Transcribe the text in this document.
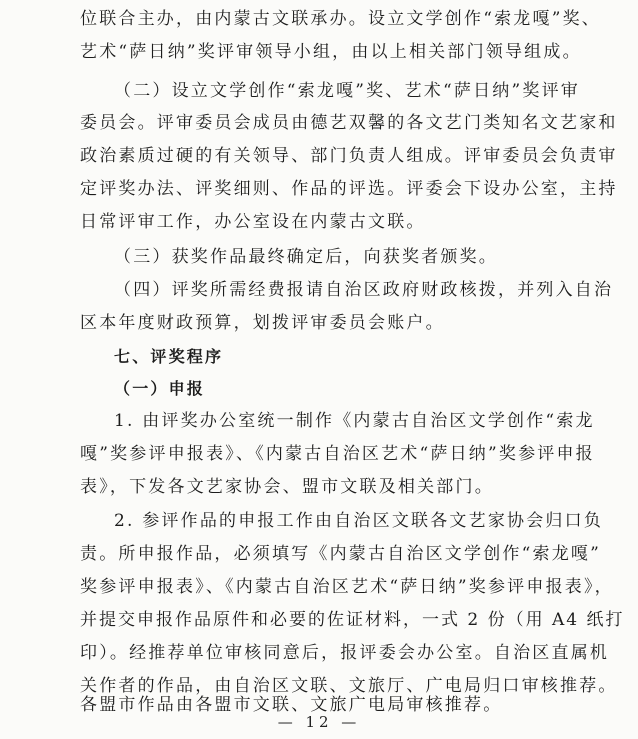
位联合主办，由内蒙古文联承办。设立文学创作“索龙嘎”奖、
艺术“萨日纳”奖评审领导小组，由以上相关部门领导组成。
（二）设立文学创作“索龙嘎”奖、艺术“萨日纳”奖评审
委员会。评审委员会成员由德艺双馨的各文艺门类知名文艺家和
政治素质过硬的有关领导、部门负责人组成。评审委员会负责审
定评奖办法、评奖细则、作品的评选。评委会下设办公室，主持
日常评审工作，办公室设在内蒙古文联。
（三）获奖作品最终确定后，向获奖者颁奖。
（四）评奖所需经费报请自治区政府财政核拨，并列入自治
区本年度财政预算，划拨评审委员会账户。
七、评奖程序
（一）申报
1. 由评奖办公室统一制作《内蒙古自治区文学创作“索龙
嘎”奖参评申报表》、《内蒙古自治区艺术“萨日纳”奖参评申报
表》，下发各文艺家协会、盟市文联及相关部门。
2. 参评作品的申报工作由自治区文联各文艺家协会归口负
责。所申报作品，必须填写《内蒙古自治区文学创作“索龙嘎”
奖参评申报表》、《内蒙古自治区艺术“萨日纳”奖参评申报表》，
并提交申报作品原件和必要的佐证材料，一式 2 份（用 A4 纸打
印）。经推荐单位审核同意后，报评委会办公室。自治区直属机
关作者的作品，由自治区文联、文旅厅、广电局归口审核推荐。
各盟市作品由各盟市文联、文旅广电局审核推荐。
— 12 —
